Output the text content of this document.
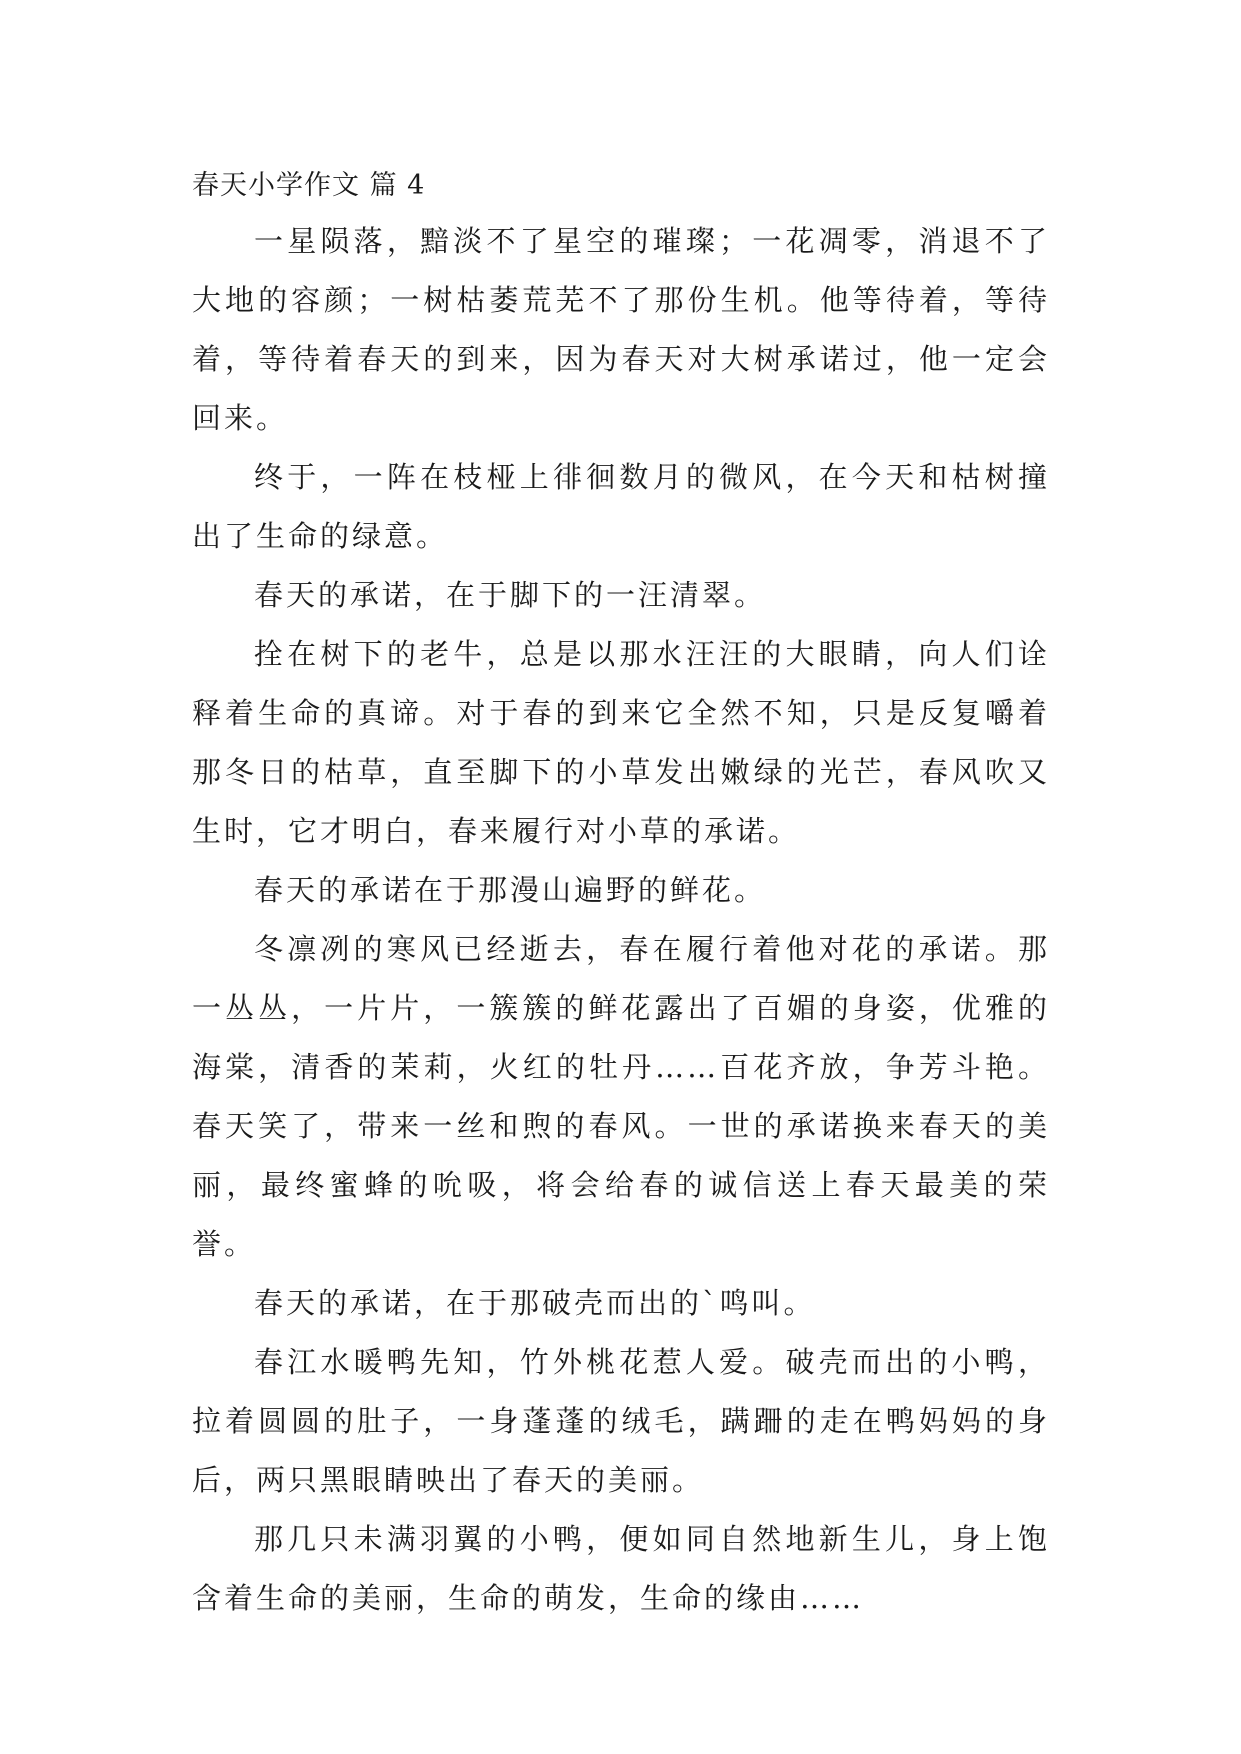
春天小学作文 篇 4

一星陨落，黯淡不了星空的璀璨；一花凋零，消退不了大地的容颜；一树枯萎荒芜不了那份生机。他等待着，等待着，等待着春天的到来，因为春天对大树承诺过，他一定会回来。

终于，一阵在枝桠上徘徊数月的微风，在今天和枯树撞出了生命的绿意。

春天的承诺，在于脚下的一汪清翠。

拴在树下的老牛，总是以那水汪汪的大眼睛，向人们诠释着生命的真谛。对于春的到来它全然不知，只是反复嚼着那冬日的枯草，直至脚下的小草发出嫩绿的光芒，春风吹又生时，它才明白，春来履行对小草的承诺。

春天的承诺在于那漫山遍野的鲜花。

冬凛冽的寒风已经逝去，春在履行着他对花的承诺。那一丛丛，一片片，一簇簇的鲜花露出了百媚的身姿，优雅的海棠，清香的茉莉，火红的牡丹……百花齐放，争芳斗艳。春天笑了，带来一丝和煦的春风。一世的承诺换来春天的美丽，最终蜜蜂的吮吸，将会给春的诚信送上春天最美的荣誉。

春天的承诺，在于那破壳而出的`鸣叫。

春江水暖鸭先知，竹外桃花惹人爱。破壳而出的小鸭，拉着圆圆的肚子，一身蓬蓬的绒毛，蹒跚的走在鸭妈妈的身后，两只黑眼睛映出了春天的美丽。

那几只未满羽翼的小鸭，便如同自然地新生儿，身上饱含着生命的美丽，生命的萌发，生命的缘由……
